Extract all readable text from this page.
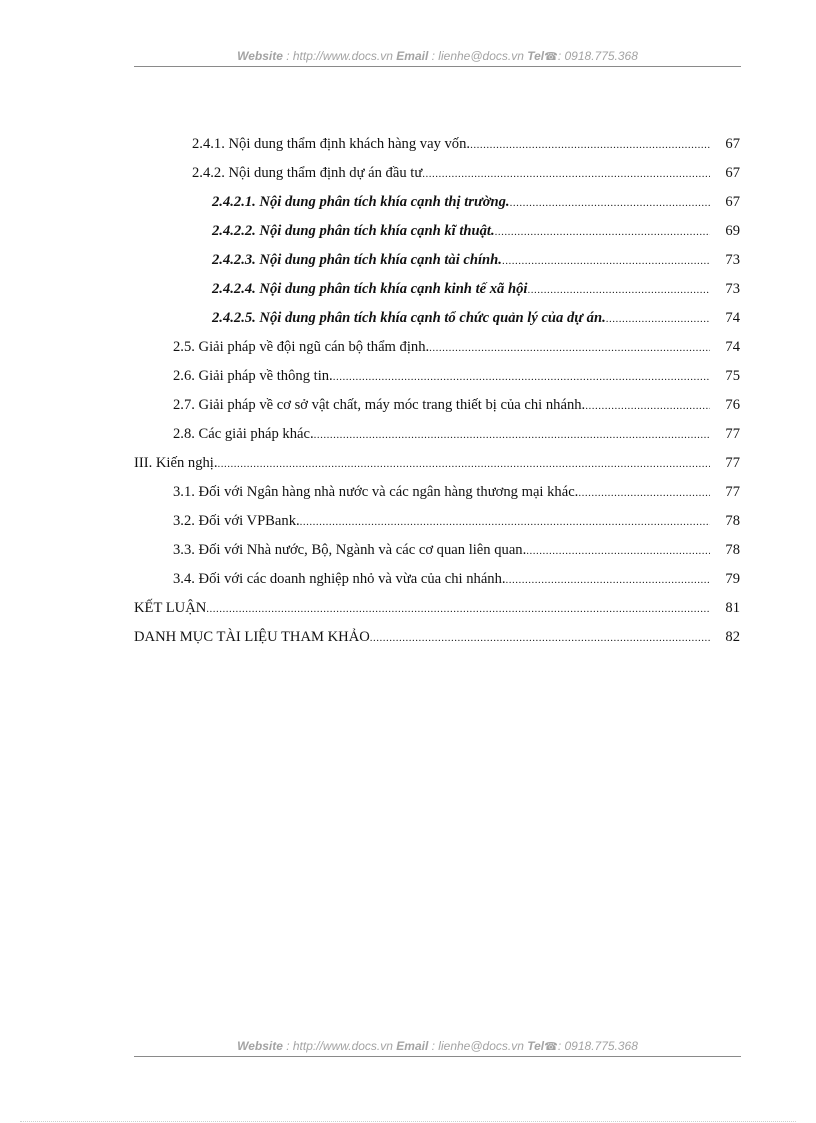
Website : http://www.docs.vn Email : lienhe@docs.vn Tel☎: 0918.775.368
2.4.1. Nội dung thẩm định khách hàng vay vốn. .....	67
2.4.2. Nội dung thẩm định dự án đầu tư .....	67
2.4.2.1. Nội dung phân tích khía cạnh thị trường. .....	67
2.4.2.2. Nội dung phân tích khía cạnh kĩ thuật. .....	69
2.4.2.3. Nội dung phân tích khía cạnh tài chính. .....	73
2.4.2.4. Nội dung phân tích khía cạnh kinh tế xã hội .....	73
2.4.2.5. Nội dung phân tích khía cạnh tổ chức quản lý của dự án. .....	74
2.5. Giải pháp về đội ngũ cán bộ thẩm định. .....	74
2.6. Giải pháp về thông tin. .....	75
2.7. Giải pháp về cơ sở vật chất, máy móc trang thiết bị của chi nhánh. .....	76
2.8. Các giải pháp khác. .....	77
III. Kiến nghị. .....	77
3.1. Đối với Ngân hàng nhà nước và các ngân hàng thương mại khác. .....	77
3.2. Đối với VPBank. .....	78
3.3. Đối với Nhà nước, Bộ, Ngành và các cơ quan liên quan. .....	78
3.4. Đối với các doanh nghiệp nhỏ và vừa của chi nhánh. .....	79
KẾT LUẬN .....	81
DANH MỤC TÀI LIỆU THAM KHẢO .....	82
Website : http://www.docs.vn Email : lienhe@docs.vn Tel☎: 0918.775.368
